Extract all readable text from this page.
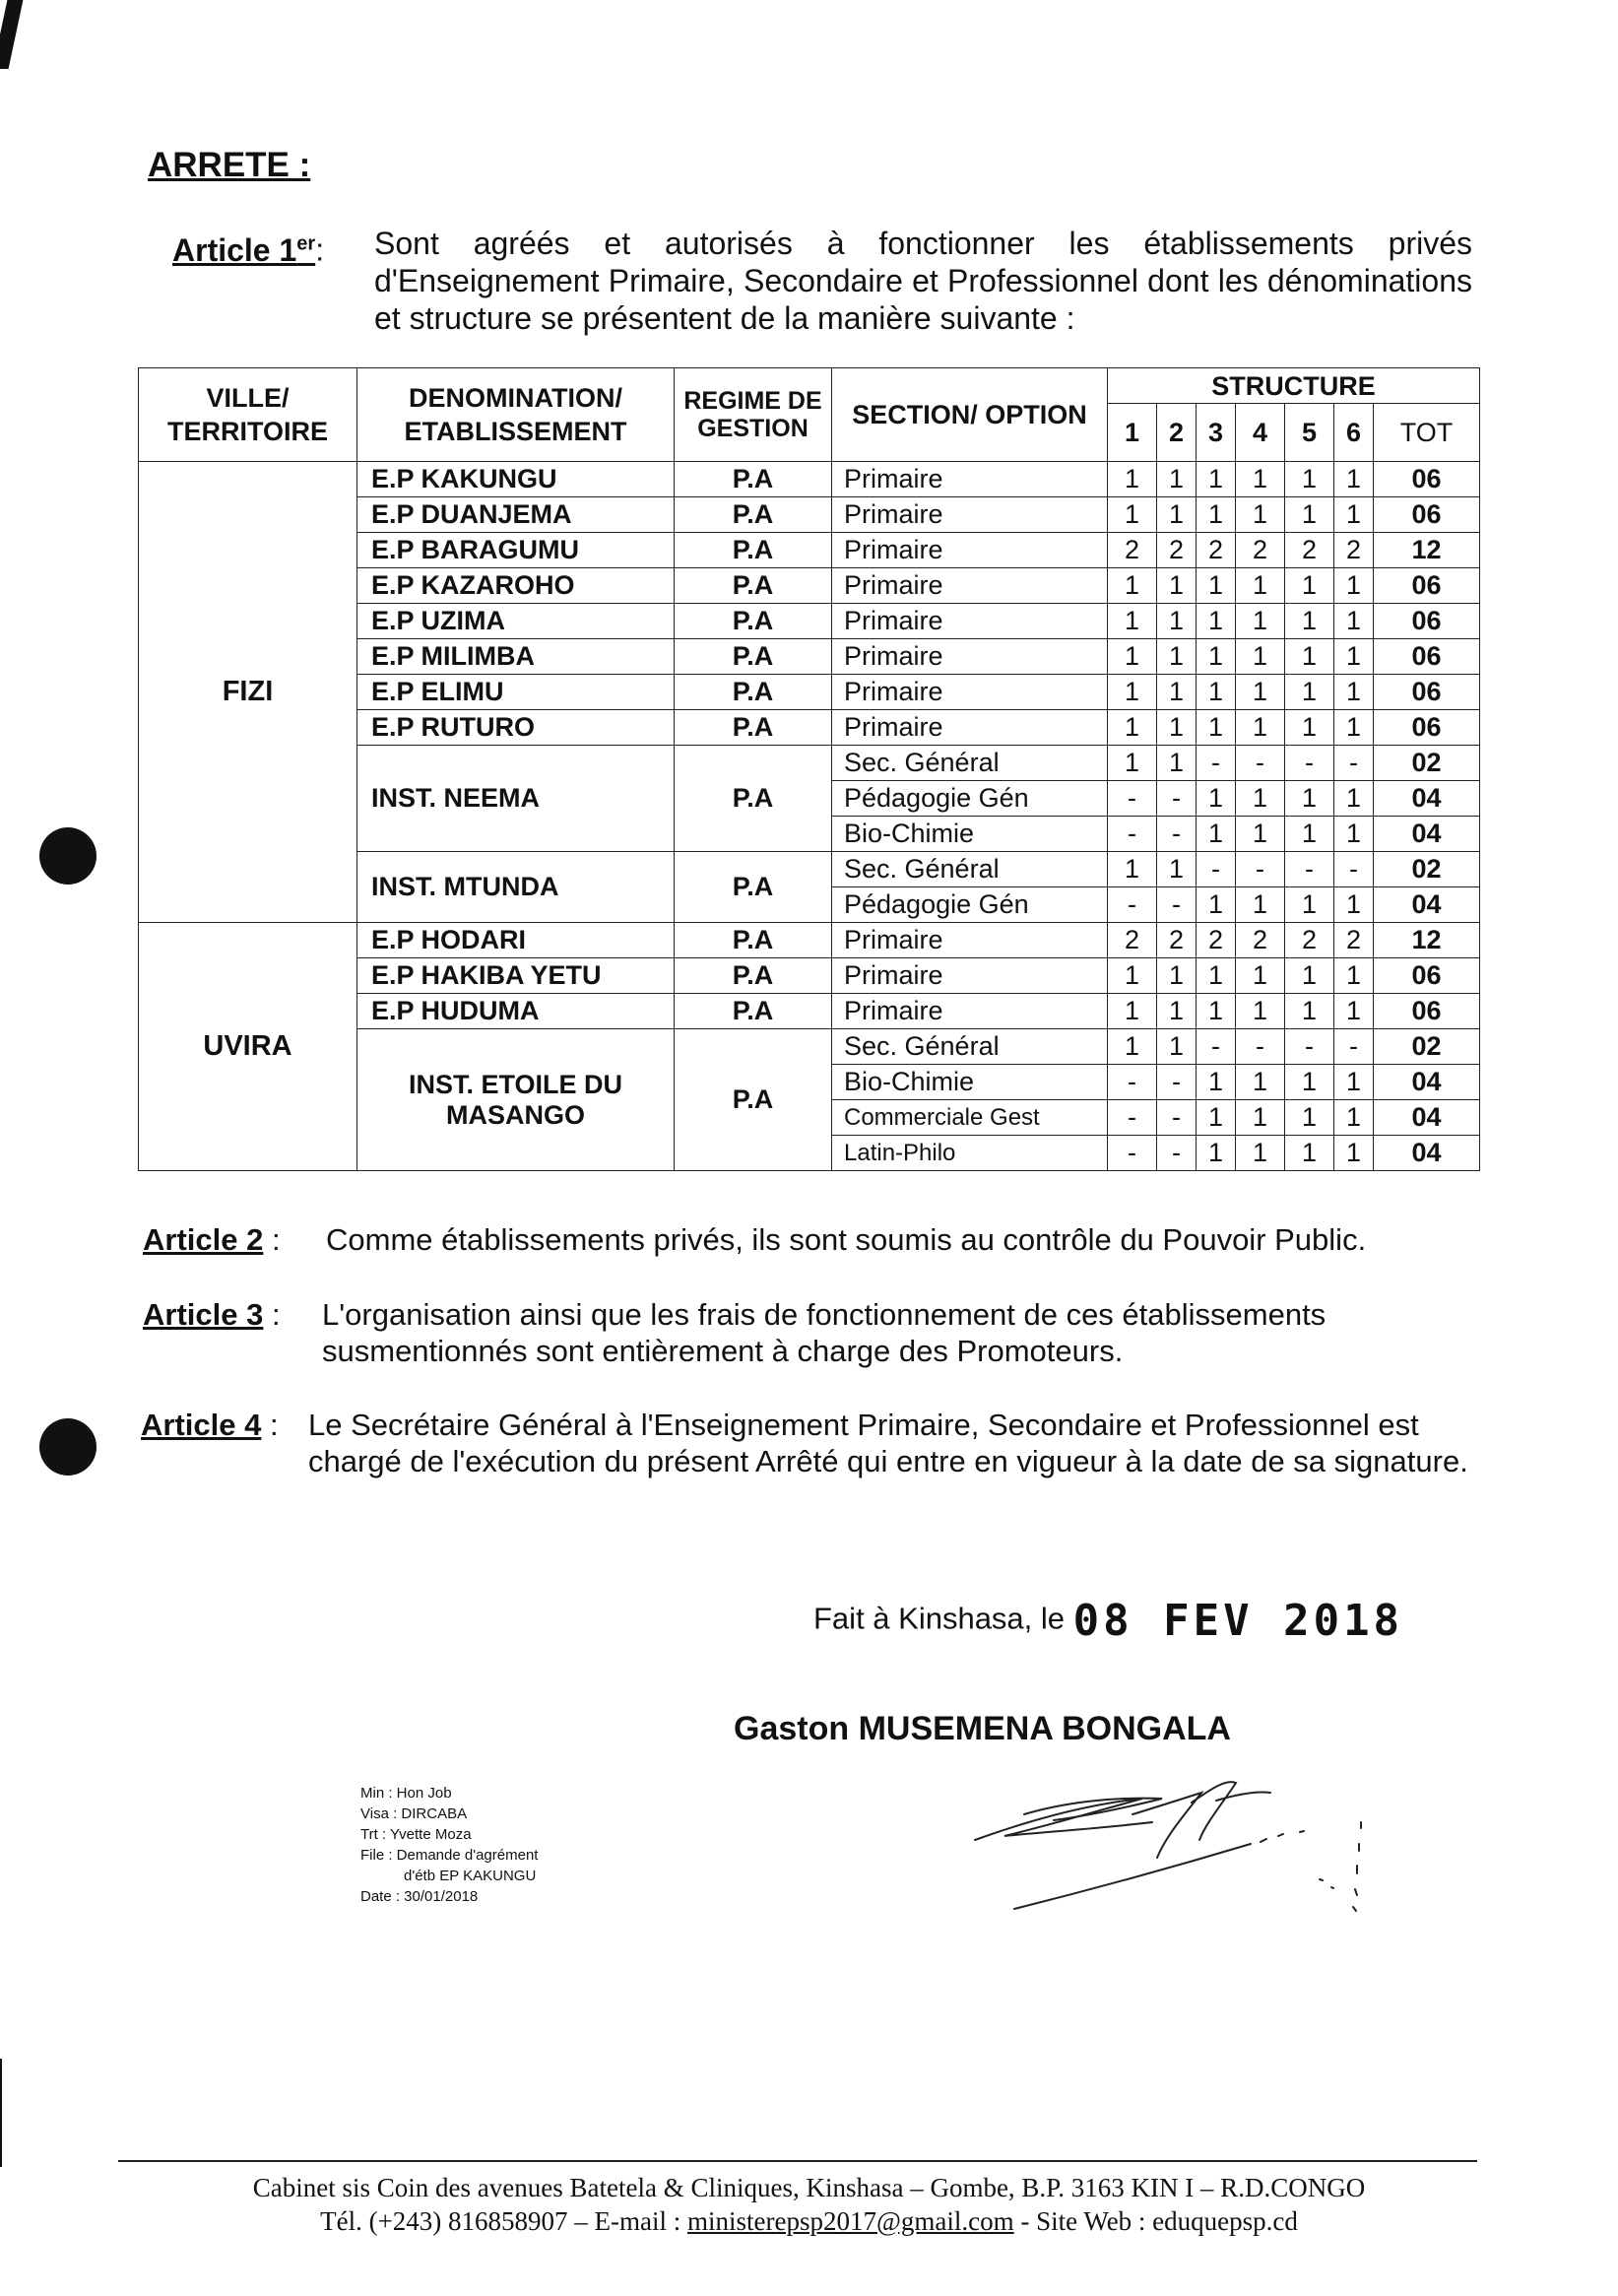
ARRETE :
Article 1er: Sont agréés et autorisés à fonctionner les établissements privés d'Enseignement Primaire, Secondaire et Professionnel dont les dénominations et structure se présentent de la manière suivante :
VILLE/ TERRITOIRE	DENOMINATION/ ETABLISSEMENT	REGIME DE GESTION	SECTION/ OPTION	STRUCTURE						
				1	2	3	4	5	6	TOT
FIZI	E.P KAKUNGU	P.A	Primaire	1	1	1	1	1	1	06
	E.P DUANJEMA	P.A	Primaire	1	1	1	1	1	1	06
	E.P BARAGUMU	P.A	Primaire	2	2	2	2	2	2	12
	E.P KAZAROHO	P.A	Primaire	1	1	1	1	1	1	06
	E.P UZIMA	P.A	Primaire	1	1	1	1	1	1	06
	E.P MILIMBA	P.A	Primaire	1	1	1	1	1	1	06
	E.P ELIMU	P.A	Primaire	1	1	1	1	1	1	06
	E.P RUTURO	P.A	Primaire	1	1	1	1	1	1	06
	INST. NEEMA	P.A	Sec. Général	1	1	-	-	-	-	02
			Pédagogie Gén	-	-	1	1	1	1	04
			Bio-Chimie	-	-	1	1	1	1	04
	INST. MTUNDA	P.A	Sec. Général	1	1	-	-	-	-	02
			Pédagogie Gén	-	-	1	1	1	1	04
UVIRA	E.P HODARI	P.A	Primaire	2	2	2	2	2	2	12
	E.P HAKIBA YETU	P.A	Primaire	1	1	1	1	1	1	06
	E.P HUDUMA	P.A	Primaire	1	1	1	1	1	1	06
	INST. ETOILE DU MASANGO	P.A	Sec. Général	1	1	-	-	-	-	02
			Bio-Chimie	-	-	1	1	1	1	04
			Commerciale Gest	-	-	1	1	1	1	04
			Latin-Philo	-	-	1	1	1	1	04
Article 2 : Comme établissements privés, ils sont soumis au contrôle du Pouvoir Public.
Article 3 : L'organisation ainsi que les frais de fonctionnement de ces établissements susmentionnés sont entièrement à charge des Promoteurs.
Article 4 : Le Secrétaire Général à l'Enseignement Primaire, Secondaire et Professionnel est chargé de l'exécution du présent Arrêté qui entre en vigueur à la date de sa signature.
Fait à Kinshasa, le 08 FEV 2018
Gaston MUSEMENA BONGALA
Min : Hon Job
Visa : DIRCABA
Trt : Yvette Moza
File : Demande d'agrément
d'étb EP KAKUNGU
Date : 30/01/2018
Cabinet sis Coin des avenues Batetela & Cliniques, Kinshasa – Gombe, B.P. 3163 KIN I – R.D.CONGO
Tél. (+243) 816858907 – E-mail : ministerepsp2017@gmail.com - Site Web : eduquepsp.cd
